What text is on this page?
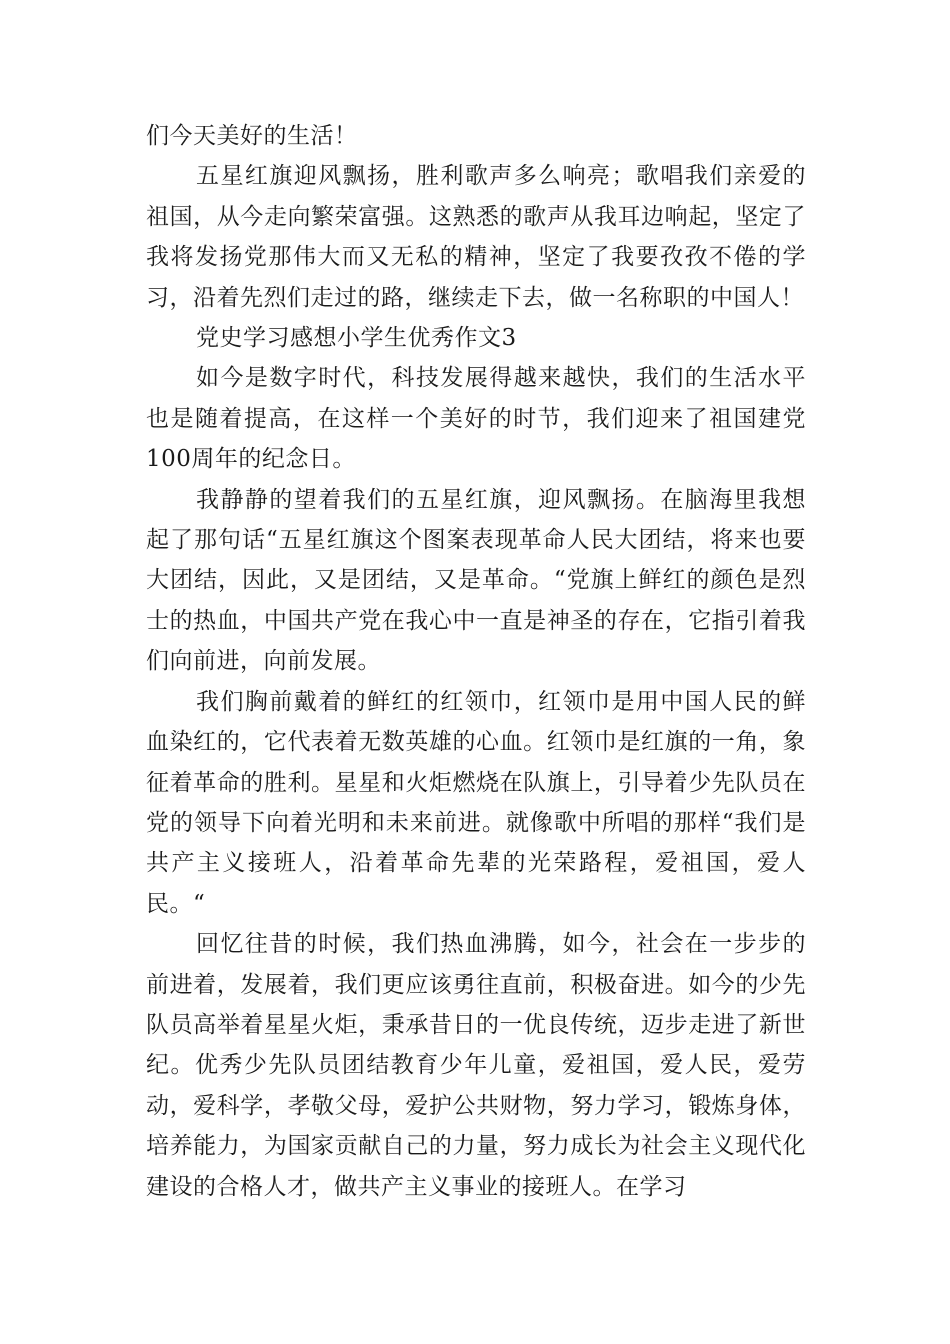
们今天美好的生活！

五星红旗迎风飘扬，胜利歌声多么响亮；歌唱我们亲爱的祖国，从今走向繁荣富强。这熟悉的歌声从我耳边响起，坚定了我将发扬党那伟大而又无私的精神，坚定了我要孜孜不倦的学习，沿着先烈们走过的路，继续走下去，做一名称职的中国人！

党史学习感想小学生优秀作文3

如今是数字时代，科技发展得越来越快，我们的生活水平也是随着提高，在这样一个美好的时节，我们迎来了祖国建党100周年的纪念日。

我静静的望着我们的五星红旗，迎风飘扬。在脑海里我想起了那句话“五星红旗这个图案表现革命人民大团结，将来也要大团结，因此，又是团结，又是革命。“党旗上鲜红的颜色是烈士的热血，中国共产党在我心中一直是神圣的存在，它指引着我们向前进，向前发展。

我们胸前戴着的鲜红的红领巾，红领巾是用中国人民的鲜血染红的，它代表着无数英雄的心血。红领巾是红旗的一角，象征着革命的胜利。星星和火炬燃烧在队旗上，引导着少先队员在党的领导下向着光明和未来前进。就像歌中所唱的那样“我们是共产主义接班人，沿着革命先辈的光荣路程，爱祖国，爱人民。“

回忆往昔的时候，我们热血沸腾，如今，社会在一步步的前进着，发展着，我们更应该勇往直前，积极奋进。如今的少先队员高举着星星火炬，秉承昔日的一优良传统，迈步走进了新世纪。优秀少先队员团结教育少年儿童，爱祖国，爱人民，爱劳动，爱科学，孝敬父母，爱护公共财物，努力学习，锻炼身体，培养能力，为国家贡献自己的力量，努力成长为社会主义现代化建设的合格人才，做共产主义事业的接班人。在学习
